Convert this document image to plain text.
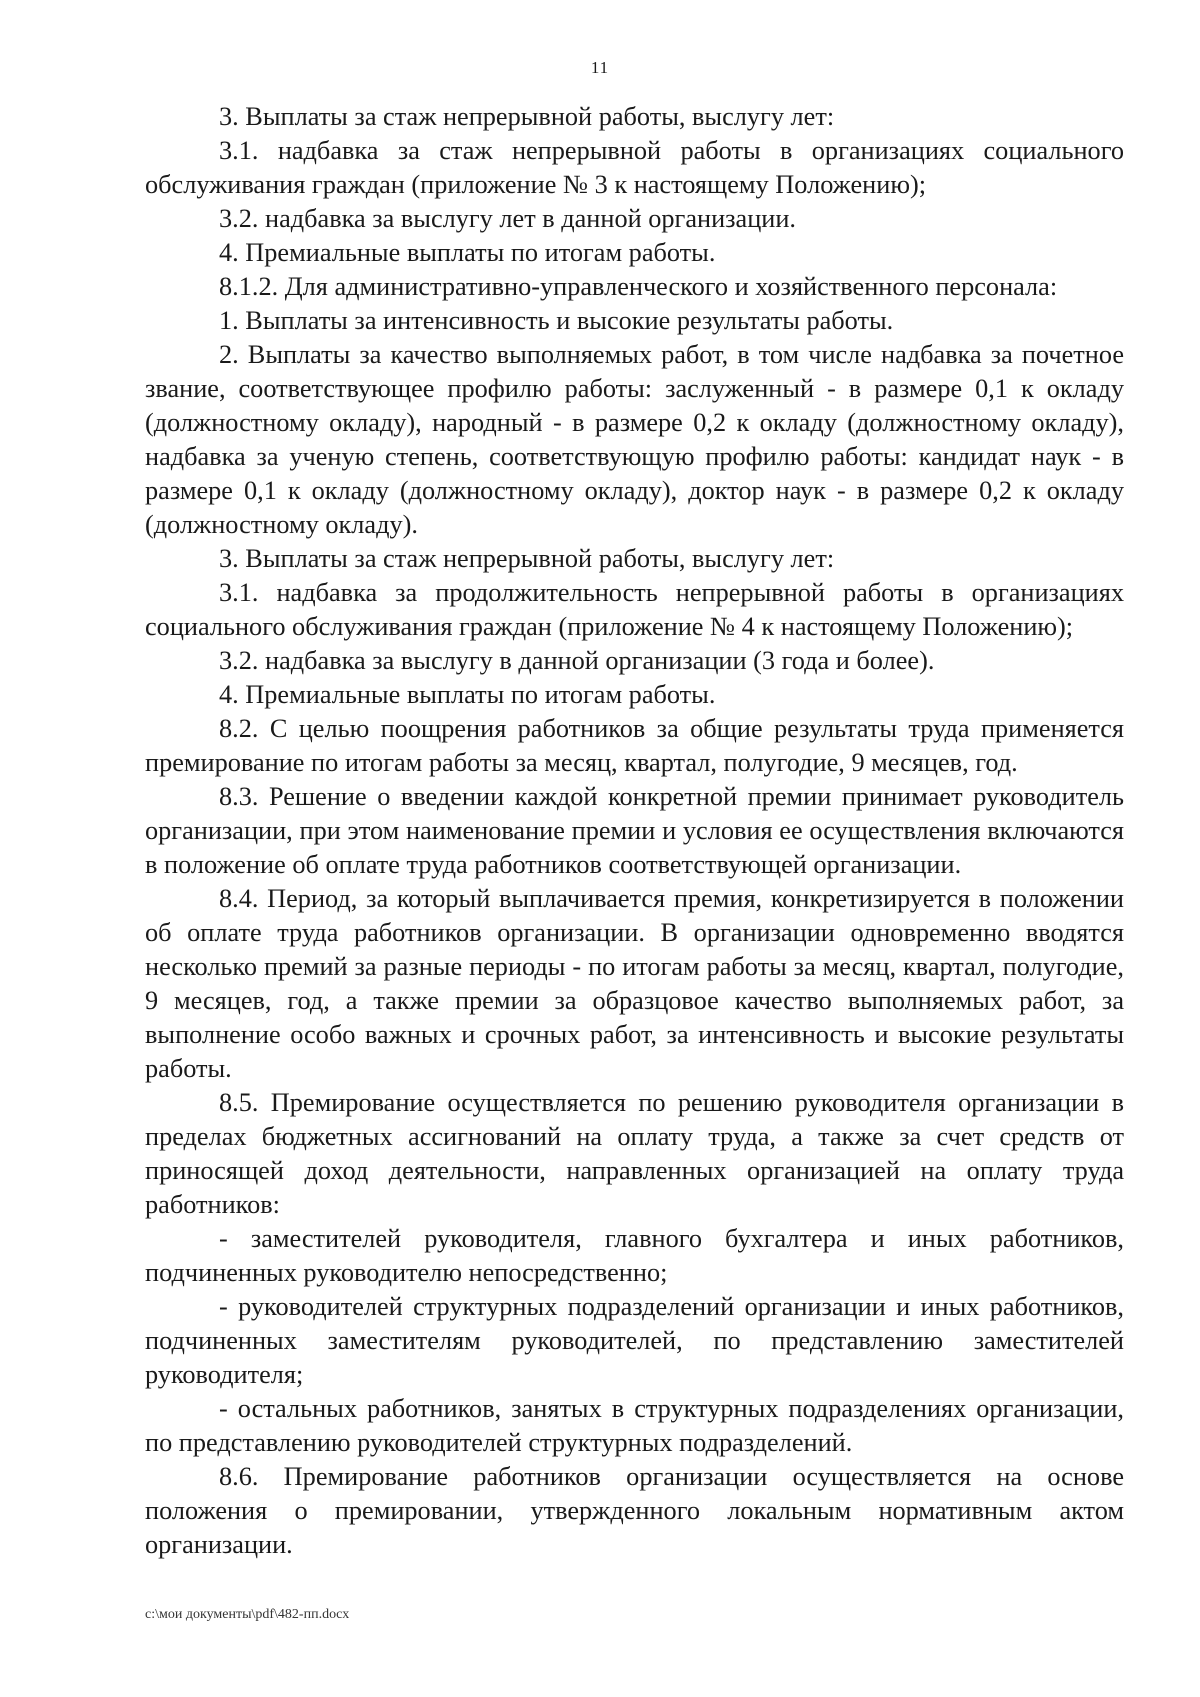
11

3. Выплаты за стаж непрерывной работы, выслугу лет:

3.1. надбавка за стаж непрерывной работы в организациях социального обслуживания граждан (приложение № 3 к настоящему Положению);

3.2. надбавка за выслугу лет в данной организации.

4. Премиальные выплаты по итогам работы.

8.1.2. Для административно-управленческого и хозяйственного персонала:

1. Выплаты за интенсивность и высокие результаты работы.

2. Выплаты за качество выполняемых работ, в том числе надбавка за почетное звание, соответствующее профилю работы: заслуженный - в размере 0,1 к окладу (должностному окладу), народный - в размере 0,2 к окладу (должностному окладу), надбавка за ученую степень, соответствующую профилю работы: кандидат наук - в размере 0,1 к окладу (должностному окладу), доктор наук - в размере 0,2 к окладу (должностному окладу).

3. Выплаты за стаж непрерывной работы, выслугу лет:

3.1. надбавка за продолжительность непрерывной работы в организациях социального обслуживания граждан (приложение № 4 к настоящему Положению);

3.2. надбавка за выслугу в данной организации (3 года и более).

4. Премиальные выплаты по итогам работы.

8.2. С целью поощрения работников за общие результаты труда применяется премирование по итогам работы за месяц, квартал, полугодие, 9 месяцев, год.

8.3. Решение о введении каждой конкретной премии принимает руководитель организации, при этом наименование премии и условия ее осуществления включаются в положение об оплате труда работников соответствующей организации.

8.4. Период, за который выплачивается премия, конкретизируется в положении об оплате труда работников организации. В организации одновременно вводятся несколько премий за разные периоды - по итогам работы за месяц, квартал, полугодие, 9 месяцев, год, а также премии за образцовое качество выполняемых работ, за выполнение особо важных и срочных работ, за интенсивность и высокие результаты работы.

8.5. Премирование осуществляется по решению руководителя организации в пределах бюджетных ассигнований на оплату труда, а также за счет средств от приносящей доход деятельности, направленных организацией на оплату труда работников:

- заместителей руководителя, главного бухгалтера и иных работников, подчиненных руководителю непосредственно;

- руководителей структурных подразделений организации и иных работников, подчиненных заместителям руководителей, по представлению заместителей руководителя;

- остальных работников, занятых в структурных подразделениях организации, по представлению руководителей структурных подразделений.

8.6. Премирование работников организации осуществляется на основе положения о премировании, утвержденного локальным нормативным актом организации.

c:\мои документы\pdf\482-пп.docx
